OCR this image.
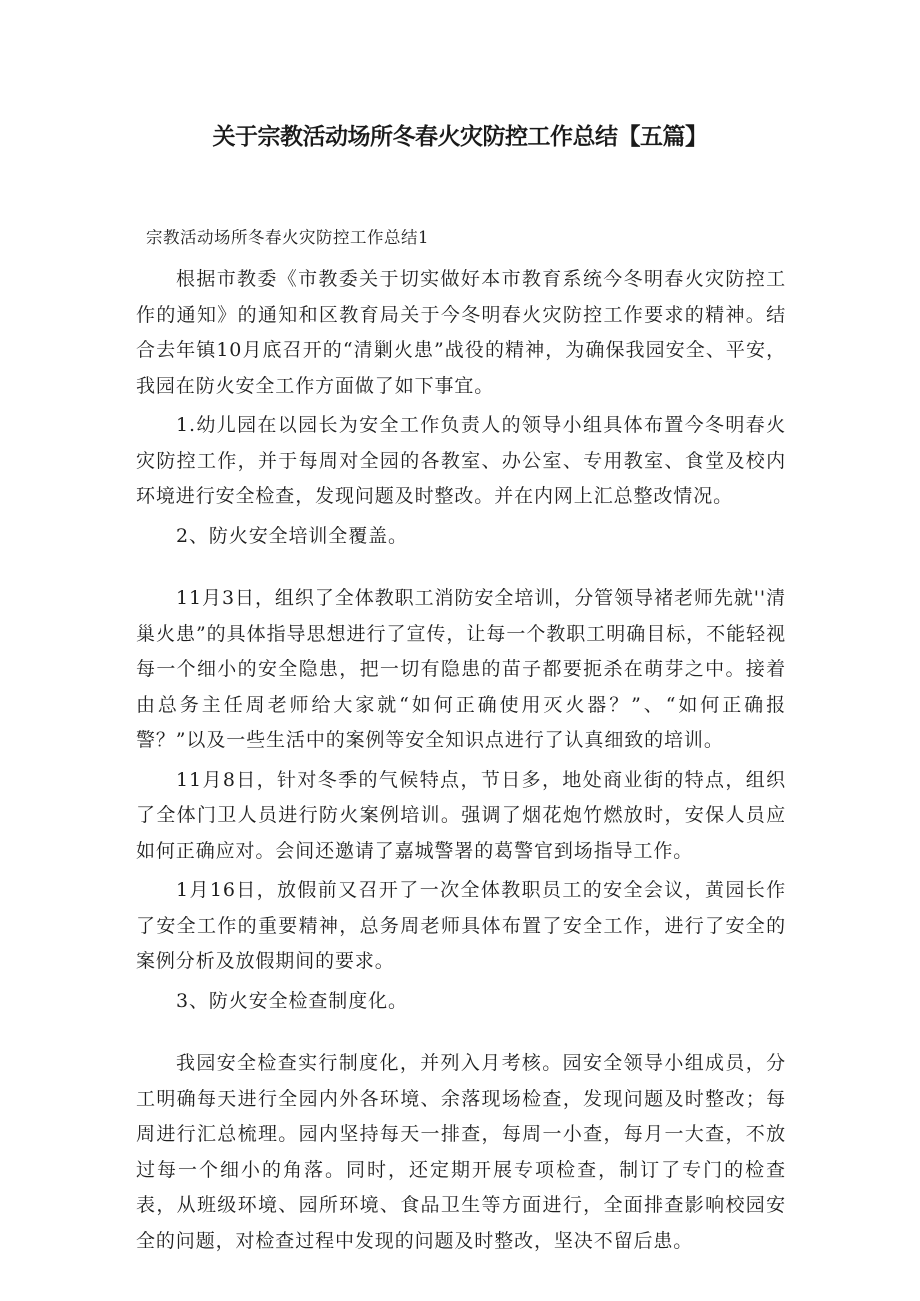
关于宗教活动场所冬春火灾防控工作总结【五篇】

宗教活动场所冬春火灾防控工作总结1

根据市教委《市教委关于切实做好本市教育系统今冬明春火灾防控工作的通知》的通知和区教育局关于今冬明春火灾防控工作要求的精神。结合去年镇10月底召开的“清剿火患”战役的精神，为确保我园安全、平安，我园在防火安全工作方面做了如下事宜。

1.幼儿园在以园长为安全工作负责人的领导小组具体布置今冬明春火灾防控工作，并于每周对全园的各教室、办公室、专用教室、食堂及校内环境进行安全检查，发现问题及时整改。并在内网上汇总整改情况。

2、防火安全培训全覆盖。

11月3日，组织了全体教职工消防安全培训，分管领导褚老师先就''清巢火患”的具体指导思想进行了宣传，让每一个教职工明确目标，不能轻视每一个细小的安全隐患，把一切有隐患的苗子都要扼杀在萌芽之中。接着由总务主任周老师给大家就“如何正确使用灭火器？”、“如何正确报警？”以及一些生活中的案例等安全知识点进行了认真细致的培训。

11月8日，针对冬季的气候特点，节日多，地处商业街的特点，组织了全体门卫人员进行防火案例培训。强调了烟花炮竹燃放时，安保人员应如何正确应对。会间还邀请了嘉城警署的葛警官到场指导工作。

1月16日，放假前又召开了一次全体教职员工的安全会议，黄园长作了安全工作的重要精神，总务周老师具体布置了安全工作，进行了安全的案例分析及放假期间的要求。

3、防火安全检查制度化。

我园安全检查实行制度化，并列入月考核。园安全领导小组成员，分工明确每天进行全园内外各环境、余落现场检查，发现问题及时整改；每周进行汇总梳理。园内坚持每天一排查，每周一小查，每月一大查，不放过每一个细小的角落。同时，还定期开展专项检查，制订了专门的检查表，从班级环境、园所环境、食品卫生等方面进行，全面排查影响校园安全的问题，对检查过程中发现的问题及时整改，坚决不留后患。
